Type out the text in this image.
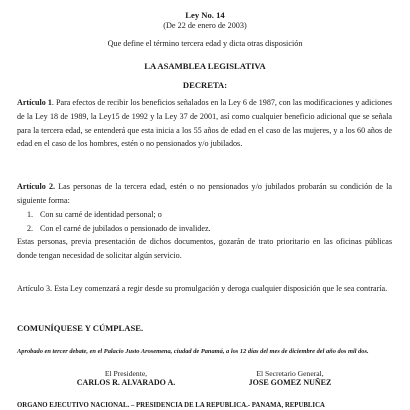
Ley No. 14
(De 22 de enero de 2003)
Que define el término tercera edad y dicta otras disposición
LA ASAMBLEA LEGISLATIVA
DECRETA:
Artículo 1. Para efectos de recibir los beneficios señalados en la Ley 6 de 1987, con las modificaciones y adiciones de la Ley 18 de 1989, la Ley15 de 1992 y la Ley 37 de 2001, así como cualquier beneficio adicional que se señala para la tercera edad, se entenderá que esta inicia a los 55 años de edad en el caso de las mujeres, y a los 60 años de edad en el caso de los hombres, estén o no pensionados y/o jubilados.
Artículo 2. Las personas de la tercera edad, estén o no pensionados y/o jubilados probarán su condición de la siguiente forma:
1. Con su carné de identidad personal; o
2. Con el carné de jubilados o pensionado de invalidez.
Estas personas, previa presentación de dichos documentos, gozarán de trato prioritario en las oficinas públicas donde tengan necesidad de solicitar algún servicio.
Artículo 3. Esta Ley comenzará a regir desde su promulgación y deroga cualquier disposición que le sea contraría.
COMUNÍQUESE Y CÚMPLASE.
Aprobado en tercer debate, en el Palacio Justo Arosemena, ciudad de Panamá, a los 12 días del mes de diciembre del año dos mil dos.
El Presidente,
CARLOS R. ALVARADO A.
El Secretario General,
JOSE GOMEZ NUÑEZ
ORGANO EJECUTIVO NACIONAL. – PRESIDENCIA DE LA REPUBLICA.- PANAMA, REPUBLICA
